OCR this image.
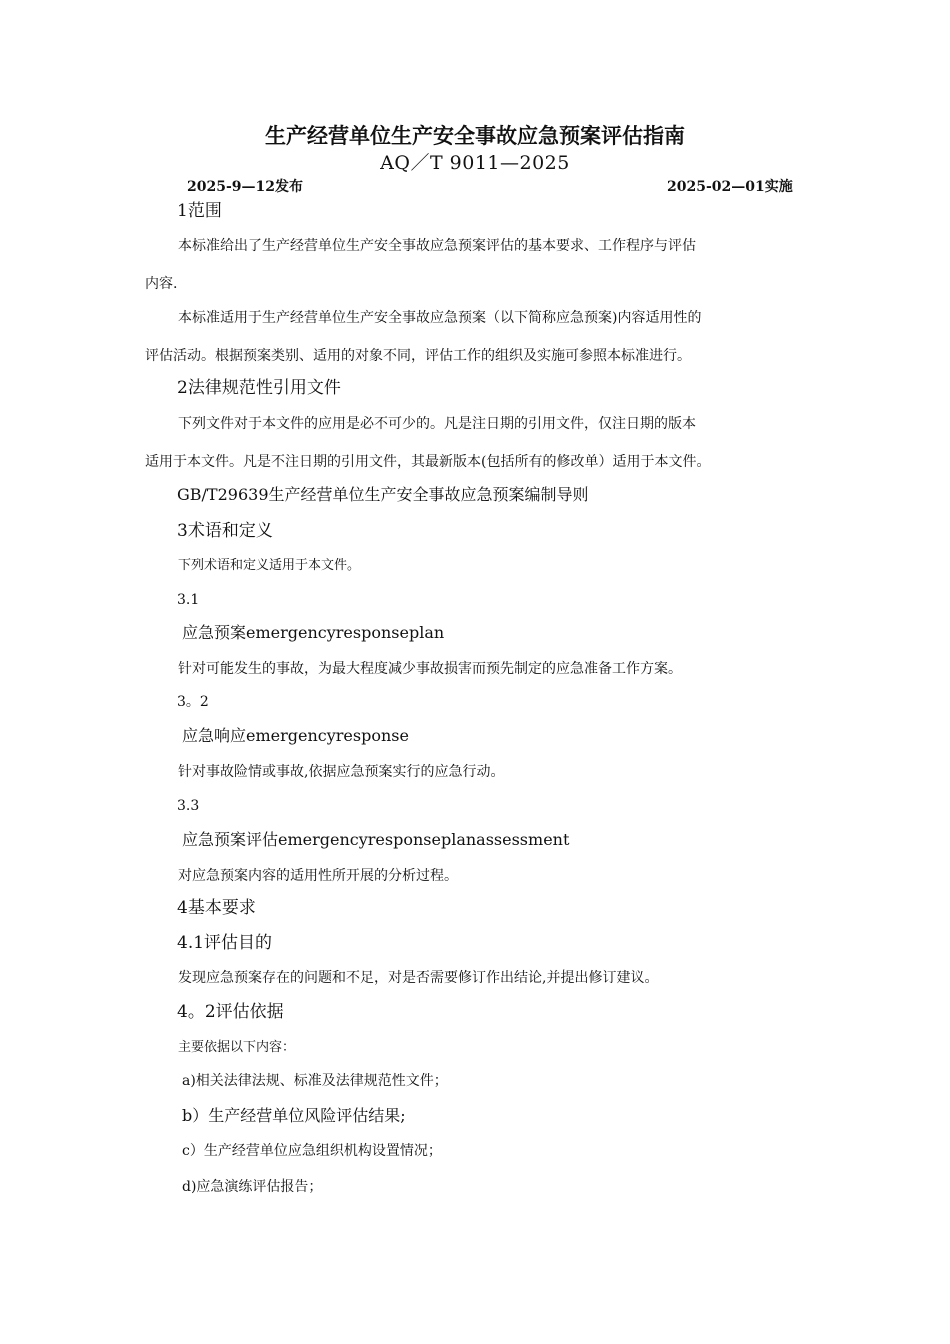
生产经营单位生产安全事故应急预案评估指南
AQ／T 9011—2025
2025-9—12发布	2025-02—01实施
1范围
本标准给出了生产经营单位生产安全事故应急预案评估的基本要求、工作程序与评估
内容.
本标准适用于生产经营单位生产安全事故应急预案（以下简称应急预案)内容适用性的
评估活动。根据预案类别、适用的对象不同，评估工作的组织及实施可参照本标准进行。
2法律规范性引用文件
下列文件对于本文件的应用是必不可少的。凡是注日期的引用文件，仅注日期的版本
适用于本文件。凡是不注日期的引用文件，其最新版本(包括所有的修改单）适用于本文件。
GB/T29639生产经营单位生产安全事故应急预案编制导则
3术语和定义
下列术语和定义适用于本文件。
3.1
应急预案emergencyresponseplan
针对可能发生的事故，为最大程度减少事故损害而预先制定的应急准备工作方案。
3。2
应急响应emergencyresponse
针对事故险情或事故,依据应急预案实行的应急行动。
3.3
应急预案评估emergencyresponseplanassessment
对应急预案内容的适用性所开展的分析过程。
4基本要求
4.1评估目的
发现应急预案存在的问题和不足，对是否需要修订作出结论,并提出修订建议。
4。2评估依据
主要依据以下内容：
a)相关法律法规、标准及法律规范性文件；
b）生产经营单位风险评估结果;
c）生产经营单位应急组织机构设置情况；
d)应急演练评估报告；
